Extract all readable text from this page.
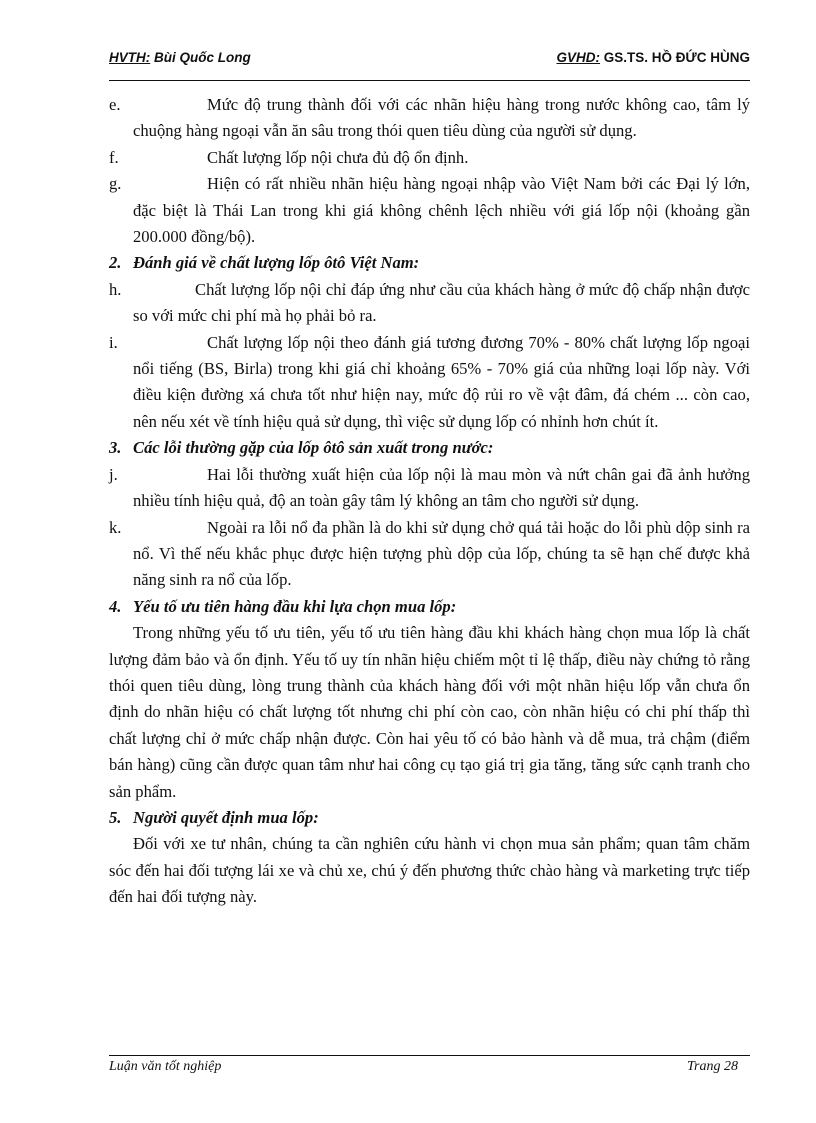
HVTH: Bùi Quốc Long	GVHD: GS.TS. HỒ ĐỨC HÙNG

e.	Mức độ trung thành đối với các nhãn hiệu hàng trong nước không cao, tâm lý chuộng hàng ngoại vẫn ăn sâu trong thói quen tiêu dùng của người sử dụng.

f.	Chất lượng lốp nội chưa đủ độ ổn định.

g.	Hiện có rất nhiều nhãn hiệu hàng ngoại nhập vào Việt Nam bởi các Đại lý lớn, đặc biệt là Thái Lan trong khi giá không chênh lệch nhiều với giá lốp nội (khoảng gần 200.000 đồng/bộ).

2. Đánh giá về chất lượng lốp ôtô Việt Nam:

h.	Chất lượng lốp nội chỉ đáp ứng như cầu của khách hàng ở mức độ chấp nhận được so với mức chi phí mà họ phải bỏ ra.

i.	Chất lượng lốp nội theo đánh giá tương đương 70% - 80% chất lượng lốp ngoại nổi tiếng (BS, Birla) trong khi giá chỉ khoảng 65% - 70% giá của những loại lốp này. Với điều kiện đường xá chưa tốt như hiện nay, mức độ rủi ro về vật đâm, đá chém ... còn cao, nên nếu xét về tính hiệu quả sử dụng, thì việc sử dụng lốp có nhỉnh hơn chút ít.

3. Các lỗi thường gặp của lốp ôtô sản xuất trong nước:

j.	Hai lỗi thường xuất hiện của lốp nội là mau mòn và nứt chân gai đã ảnh hưởng nhiều tính hiệu quả, độ an toàn gây tâm lý không an tâm cho người sử dụng.

k.	Ngoài ra lỗi nổ đa phần là do khi sử dụng chở quá tải hoặc do lỗi phù dộp sinh ra nổ. Vì thế nếu khắc phục được hiện tượng phù dộp của lốp, chúng ta sẽ hạn chế được khả năng sinh ra nổ của lốp.

4. Yếu tố ưu tiên hàng đầu khi lựa chọn mua lốp:

Trong những yếu tố ưu tiên, yếu tố ưu tiên hàng đầu khi khách hàng chọn mua lốp là chất lượng đảm bảo và ổn định. Yếu tố uy tín nhãn hiệu chiếm một tỉ lệ thấp, điều này chứng tỏ rằng thói quen tiêu dùng, lòng trung thành của khách hàng đối với một nhãn hiệu lốp vẫn chưa ổn định do nhãn hiệu có chất lượng tốt nhưng chi phí còn cao, còn nhãn hiệu có chi phí thấp thì chất lượng chỉ ở mức chấp nhận được. Còn hai yêu tố có bảo hành và dễ mua, trả chậm (điểm bán hàng) cũng cần được quan tâm như hai công cụ tạo giá trị gia tăng, tăng sức cạnh tranh cho sản phẩm.

5. Người quyết định mua lốp:

Đối với xe tư nhân, chúng ta cần nghiên cứu hành vi chọn mua sản phẩm; quan tâm chăm sóc đến hai đối tượng lái xe và chủ xe, chú ý đến phương thức chào hàng và marketing trực tiếp đến hai đối tượng này.

Luận văn tốt nghiệp	Trang 28
